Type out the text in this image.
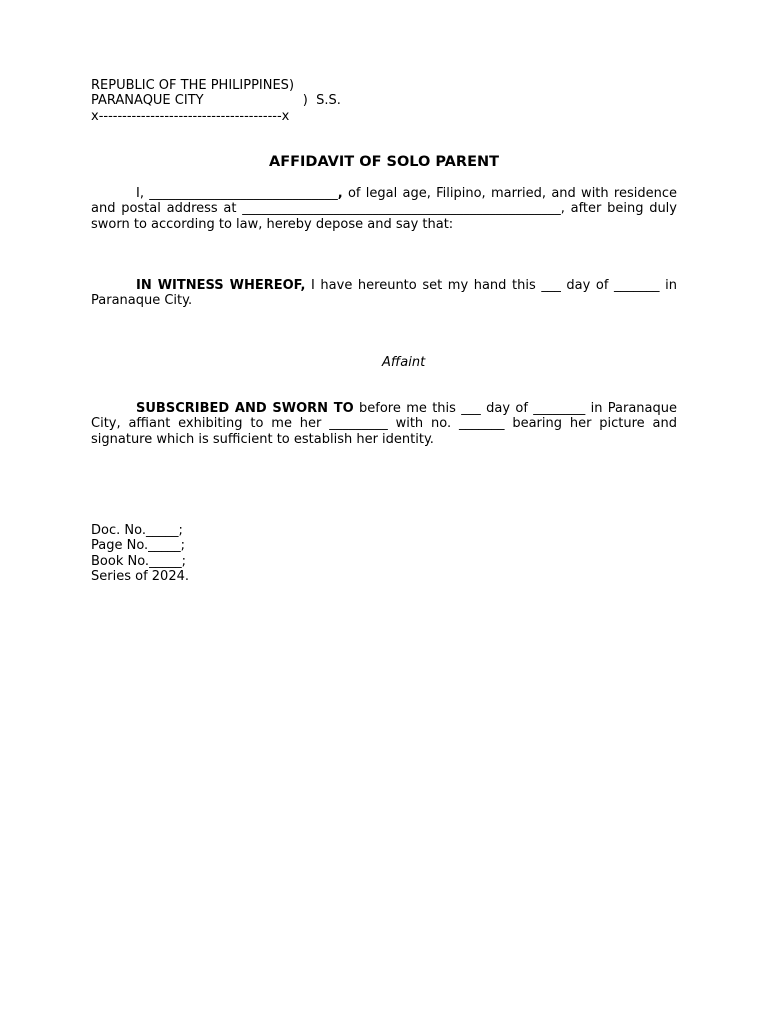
REPUBLIC OF THE PHILIPPINES)
PARANAQUE CITY                        )  S.S.
x---------------------------------------x
AFFIDAVIT OF SOLO PARENT
I, _____________________________, of legal age, Filipino, married, and with residence and postal address at _________________________________________________, after being duly sworn to according to law, hereby depose and say that:
IN WITNESS WHEREOF, I have hereunto set my hand this ___ day of _______ in Paranaque City.
Affaint
SUBSCRIBED AND SWORN TO before me this ___ day of ________ in Paranaque City, affiant exhibiting to me her _________ with no. _______ bearing her picture and signature which is sufficient to establish her identity.
Doc. No._____;
Page No._____;
Book No._____;
Series of 2024.
